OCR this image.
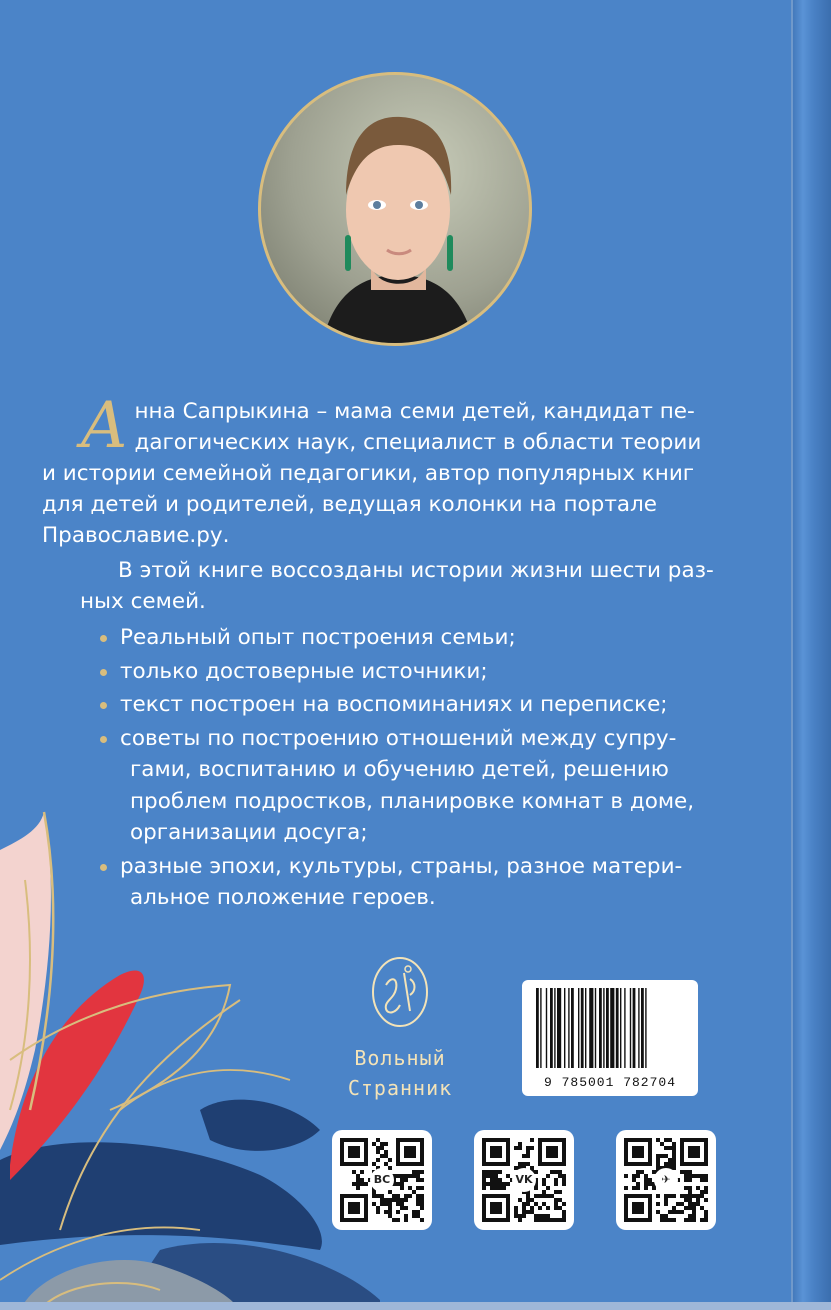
А нна Сапрыкина – мама семи детей, кандидат пе-
дагогических наук, специалист в области теории
и истории семейной педагогики, автор популярных книг
для детей и родителей, ведущая колонки на портале
Православие.ру.
В этой книге воссозданы истории жизни шести раз-
ных семей.
Реальный опыт построения семьи;
только достоверные источники;
текст построен на воспоминаниях и переписке;
советы по построению отношений между супру-
гами, воспитанию и обучению детей, решению
проблем подростков, планировке комнат в доме,
организации досуга;
разные эпохи, культуры, страны, разное матери-
альное положение героев.
Вольный
Странник	9 785001 782704
ВС	VK	✈
